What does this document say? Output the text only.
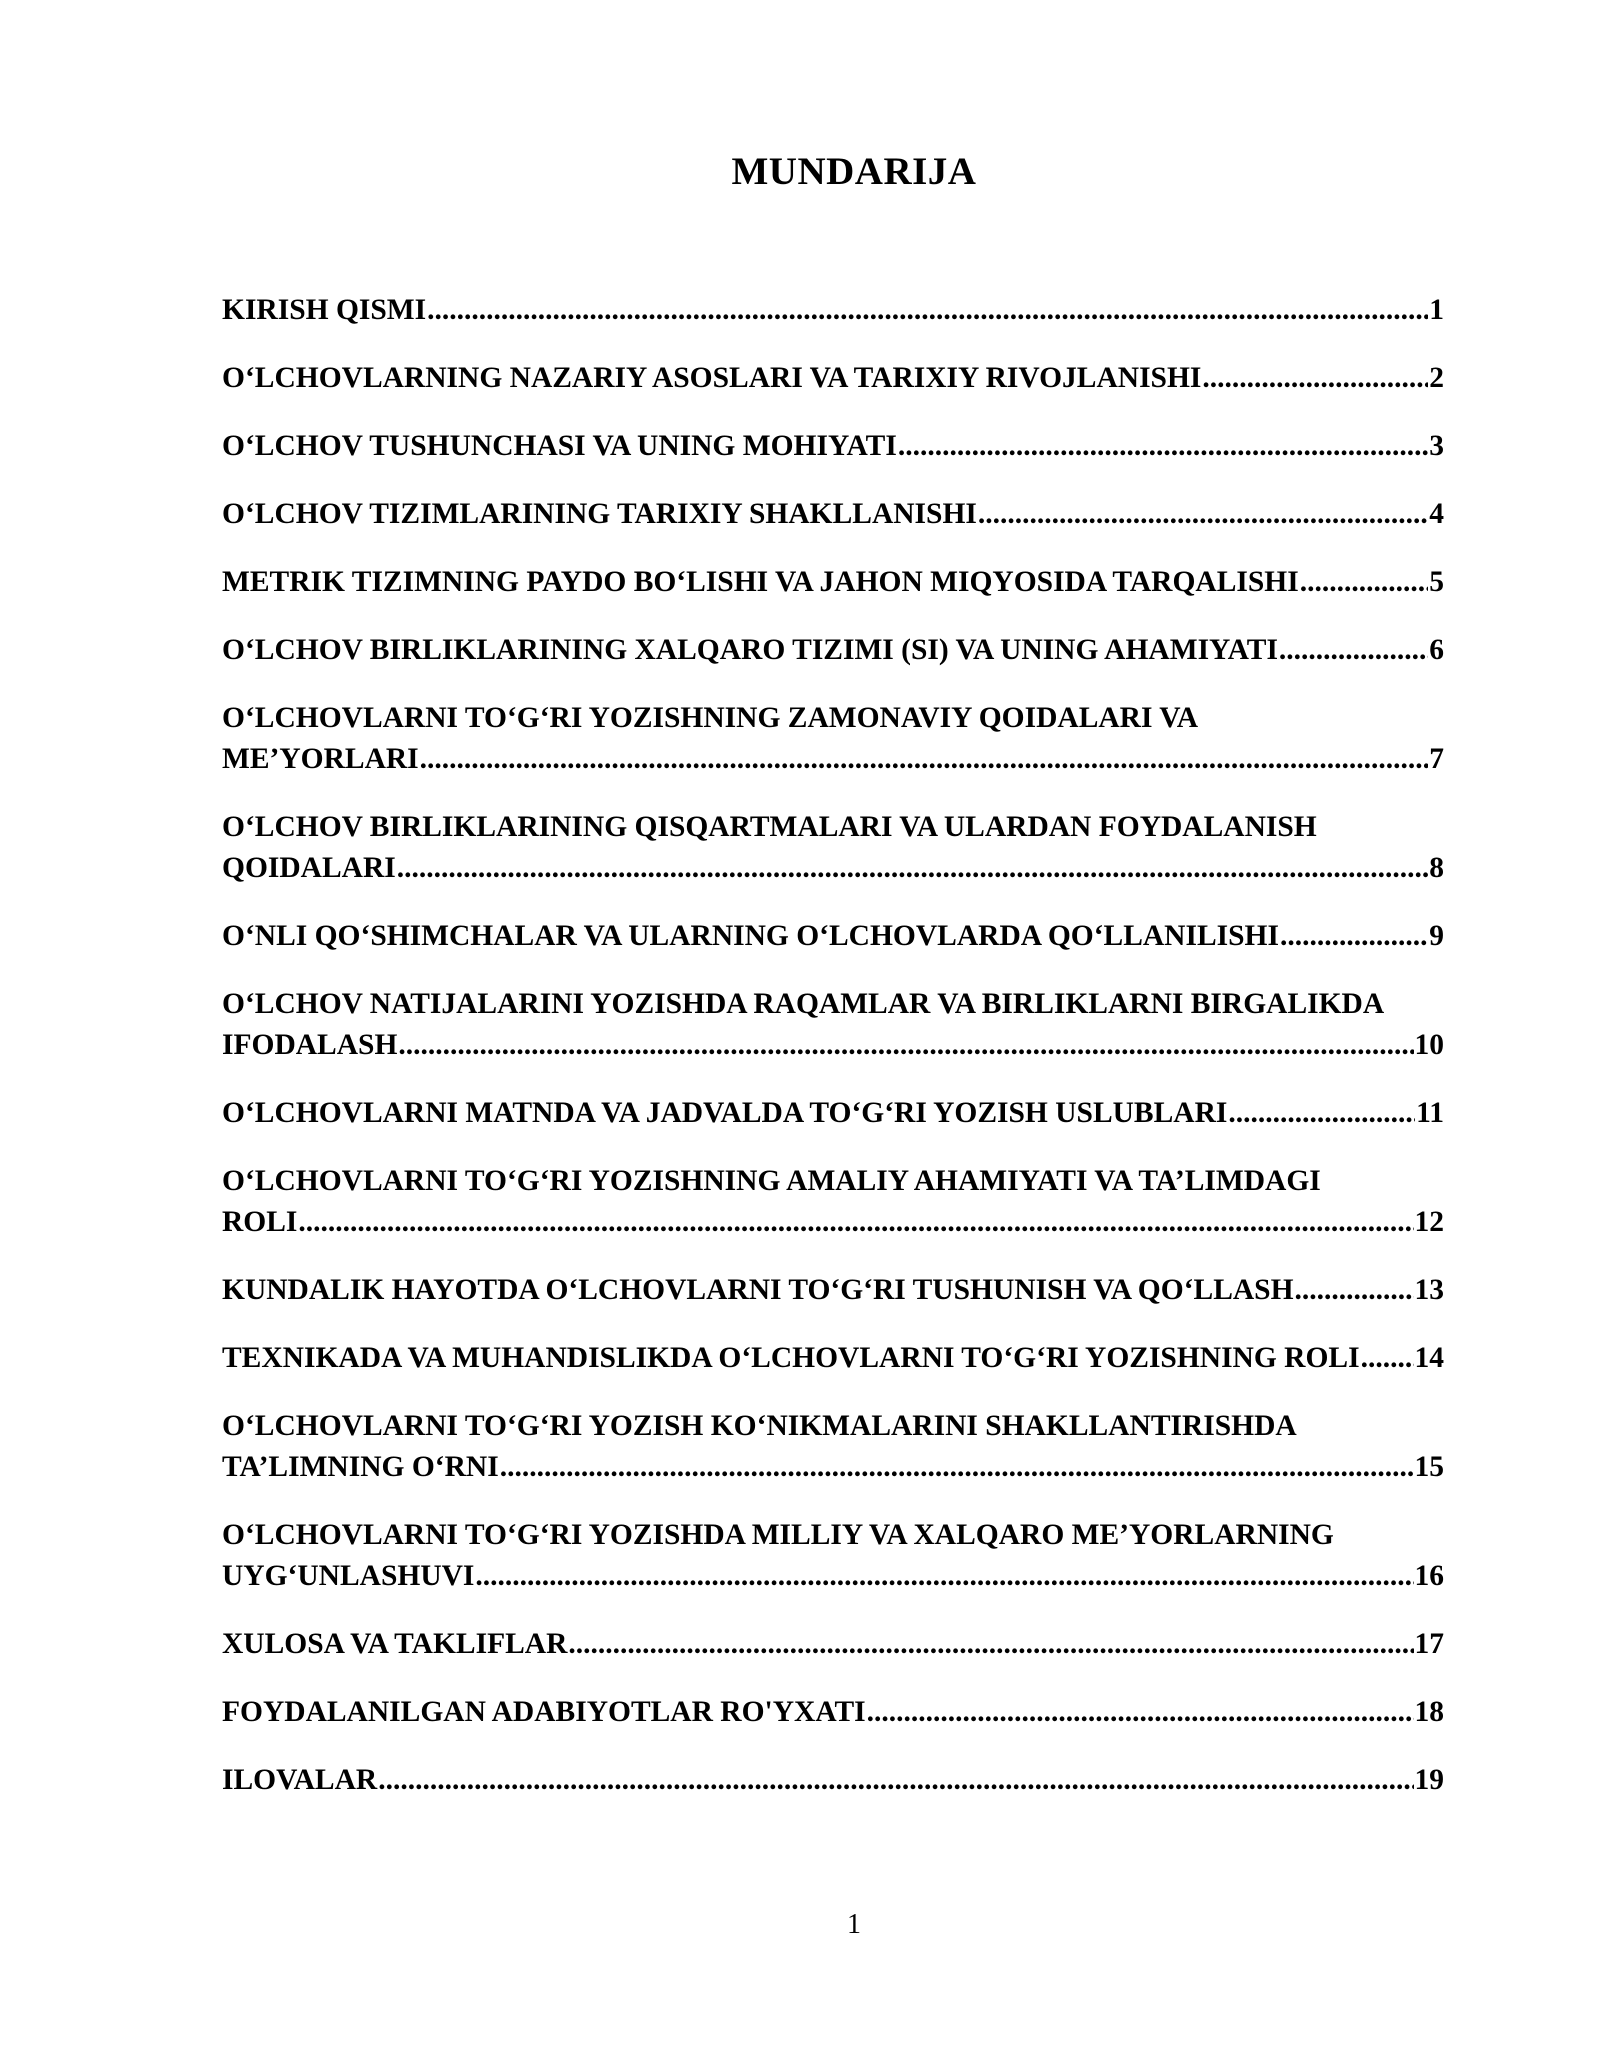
MUNDARIJA
KIRISH QISMI .....	1
O‘LCHOVLARNING NAZARIY ASOSLARI VA TARIXIY RIVOJLANISHI .....	2
O‘LCHOV TUSHUNCHASI VA UNING MOHIYATI .....	3
O‘LCHOV TIZIMLARINING TARIXIY SHAKLLANISHI .....	4
METRIK TIZIMNING PAYDO BO‘LISHI VA JAHON MIQYOSIDA TARQALISHI .....	5
O‘LCHOV BIRLIKLARINING XALQARO TIZIMI (SI) VA UNING AHAMIYATI .....	6
O‘LCHOVLARNI TO‘G‘RI YOZISHNING ZAMONAVIY QOIDALARI VA
ME’YORLARI .....	7
O‘LCHOV BIRLIKLARINING QISQARTMALARI VA ULARDAN FOYDALANISH
QOIDALARI .....	8
O‘NLI QO‘SHIMCHALAR VA ULARNING O‘LCHOVLARDA QO‘LLANILISHI .....	9
O‘LCHOV NATIJALARINI YOZISHDA RAQAMLAR VA BIRLIKLARNI BIRGALIKDA
IFODALASH .....	10
O‘LCHOVLARNI MATNDA VA JADVALDA TO‘G‘RI YOZISH USLUBLARI .....	11
O‘LCHOVLARNI TO‘G‘RI YOZISHNING AMALIY AHAMIYATI VA TA’LIMDAGI
ROLI .....	12
KUNDALIK HAYOTDA O‘LCHOVLARNI TO‘G‘RI TUSHUNISH VA QO‘LLASH .....	13
TEXNIKADA VA MUHANDISLIKDA O‘LCHOVLARNI TO‘G‘RI YOZISHNING ROLI ..... 14
O‘LCHOVLARNI TO‘G‘RI YOZISH KO‘NIKMALARINI SHAKLLANTIRISHDA
TA’LIMNING O‘RNI .....	15
O‘LCHOVLARNI TO‘G‘RI YOZISHDA MILLIY VA XALQARO ME’YORLARNING
UYG‘UNLASHUVI .....	16
XULOSA VA TAKLIFLAR .....	17
FOYDALANILGAN ADABIYOTLAR RO'YXATI .....	18
ILOVALAR .....	19
1
